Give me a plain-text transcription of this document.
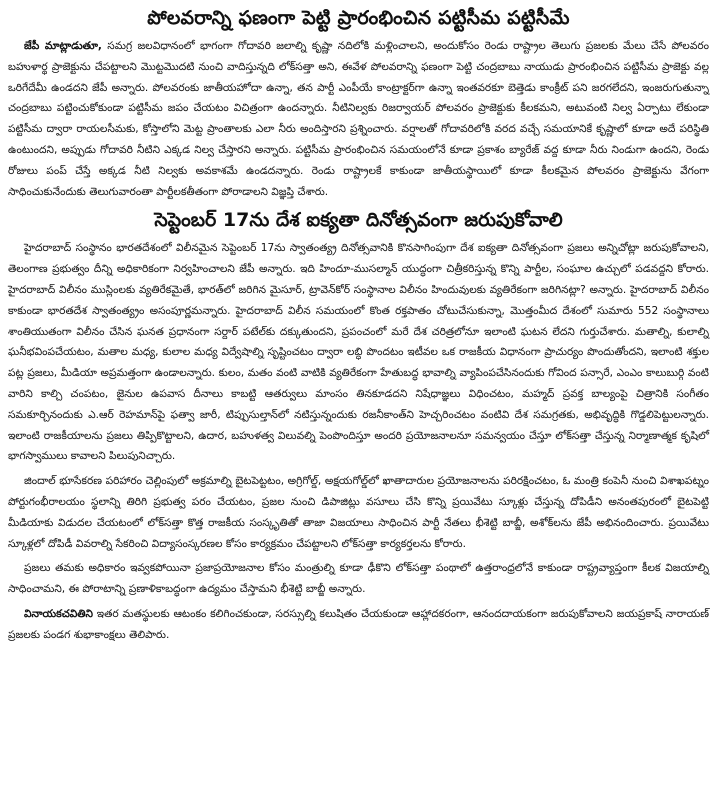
పోలవరాన్ని ఫణంగా పెట్టి ప్రారంభించిన పట్టిసీమ పట్టిసీమే

జేపీ మాట్లాడుతూ, సమగ్ర జలవిధానంలో భాగంగా గోదావరి జలాల్ని కృష్ణా నదిలోకి మళ్లించాలని, అందుకోసం రెండు రాష్ట్రాల తెలుగు ప్రజలకు మేలు చేసే పోలవరం బహుళార్థ ప్రాజెక్టును చేపట్టాలని మొట్టమొదటి నుంచి వాదిస్తున్నది లోక్‌సత్తా అని, ఈవేళ పోలవరాన్ని ఫణంగా పెట్టి చంద్రబాబు నాయుడు ప్రారంభించిన పట్టిసీమ ప్రాజెక్టు వల్ల ఒరిగేదేమీ ఉండదని జేపీ అన్నారు. పోలవరంకు జాతీయహోదా ఉన్నా, తన పార్టీ ఎంపీయే కాంట్రాక్టర్‌గా ఉన్నా ఇంతవరకూ బెత్తెడు కాంక్రీట్ పని జరగలేదని, ఇంజరుగుతున్నా చంద్రబాబు పట్టించుకోకుండా పట్టిసీమ జపం చేయటం విచిత్రంగా ఉందన్నారు. నీటినిల్వకు రిజర్వాయర్ పోలవరం ప్రాజెక్టుకు కీలకమని, అటువంటి నిల్వ ఏర్పాటు లేకుండా పట్టిసీమ ద్వారా రాయలసీమకు, కోస్తాలోని మెట్ట ప్రాంతాలకు ఎలా నీరు అందిస్తారని ప్రశ్నించారు. వర్షాలతో గోదావరిలోకి వరద వచ్చే సమయానికే కృష్ణాలో కూడా అదే పరిస్థితి ఉంటుందని, అప్పుడు గోదావరి నీటిని ఎక్కడ నిల్వ చేస్తారని అన్నారు. పట్టిసీమ ప్రారంభించిన సమయంలోనే కూడా ప్రకాశం బ్యారేజ్ వద్ద కూడా నీరు నిండుగా ఉందని, రెండు రోజులు పంప్ చేస్తే అక్కడ నీటి నిల్వకు అవకాశమే ఉండదన్నారు. రెండు రాష్ట్రాలకే కాకుండా జాతీయస్థాయిలో కూడా కీలకమైన పోలవరం ప్రాజెక్టును వేగంగా సాధించుకునేందుకు తెలుగువారంతా పార్టీలకతీతంగా పోరాడాలని విజ్ఞప్తి చేశారు.

సెప్టెంబర్ 17ను దేశ ఐక్యతా దినోత్సవంగా జరుపుకోవాలి

హైదరాబాద్ సంస్థానం భారతదేశంలో విలీనమైన సెప్టెంబర్ 17ను స్వాతంత్య్ర దినోత్సవానికి కొనసాగింపుగా దేశ ఐక్యతా దినోత్సవంగా ప్రజలు అన్నిచోట్లా జరుపుకోవాలని, తెలంగాణ ప్రభుత్వం దీన్ని అధికారికంగా నిర్వహించాలని జేపీ అన్నారు. ఇది హిందూ-ముసల్మాన్ యుద్ధంగా చిత్రీకరిస్తున్న కొన్ని పార్టీల, సంఘాల ఉచ్చులో పడవద్దని కోరారు. హైదరాబాద్ విలీనం ముస్లింలకు వ్యతిరేకమైతే, భారత్‌లో జరిగిన మైసూర్, ట్రావెన్‌కోర్ సంస్థానాల విలీనం హిందువులకు వ్యతిరేకంగా జరిగినట్లా? అన్నారు. హైదరాబాద్ విలీనం కాకుండా భారతదేశ స్వాతంత్య్రం అసంపూర్ణమన్నారు. హైదరాబాద్ విలీన సమయంలో కొంత రక్తపాతం చోటుచేసుకున్నా, మొత్తంమీద దేశంలో సుమారు 552 సంస్థానాలు శాంతియుతంగా విలీనం చేసిన ఘనత ప్రధానంగా సర్దార్ పటేల్‌కు దక్కుతుందని, ప్రపంచంలో మరే దేశ చరిత్రలోనూ ఇలాంటి ఘటన లేదని గుర్తుచేశారు. మతాల్ని, కులాల్ని ఘనీభవింపచేయటం, మతాల మధ్య, కులాల మధ్య విద్వేషాల్ని సృష్టించటం ద్వారా లబ్ధి పొందటం ఇటీవల ఒక రాజకీయ విధానంగా ప్రాచుర్యం పొందుతోందని, ఇలాంటి శక్తుల పట్ల ప్రజలు, మీడియా అప్రమత్తంగా ఉండాలన్నారు. కులం, మతం వంటి వాటికి వ్యతిరేకంగా హేతుబద్ధ భావాల్ని వ్యాపింపచేసినందుకు గోవింద పన్సారే, ఎంఎం కాలుబుర్గి వంటి వారిని కాల్చి చంపటం, జైనుల ఉపవాస దీనాలు కాబట్టి ఆతర్వులు మాంసం తినకూడదని నిషేధాజ్ఞలు విధించటం, మహ్మద్ ప్రవక్త బాల్యంపై చిత్రానికి సంగీతం సమకూర్చినందుకు ఎ.ఆర్ రెహమాన్‌పై ఫత్వా జారీ, టిప్పుసుల్తాన్‌లో నటిస్తున్నందుకు రజనీకాంత్‌ని హెచ్చరించటం వంటివి దేశ సమగ్రతకు, అభివృద్ధికి గొడ్డలిపెట్టులన్నారు. ఇలాంటి రాజకీయాలను ప్రజలు తిప్పికొట్టాలని, ఉదార, బహుళత్వ విలువల్ని పెంపొందిస్తూ అందరి ప్రయోజనాలనూ సమన్వయం చేస్తూ లోక్‌సత్తా చేస్తున్న నిర్మాణాత్మక కృషిలో భాగస్వాములు కావాలని పిలుపునిచ్చారు.

జిందాల్ భూసేకరణ పరిహారం చెల్లింపులో అక్రమాల్ని బైటపెట్టటం, అగ్రిగోల్డ్, అక్షయగోల్డ్‌లో ఖాతాదారుల ప్రయోజనాలను పరిరక్షించటం, ఓ మంత్రి కంపెనీ నుంచి విశాఖపట్నం పోర్టుగంభీరాలయం స్థలాన్ని తిరిగి ప్రభుత్వ పరం చేయటం, ప్రజల నుంచి డిపాజిట్లు వసూలు చేసి కొన్ని ప్రయివేటు స్కూళ్లు చేస్తున్న దోపిడీని అనంతపురంలో బైటపెట్టి మీడియాకు విడుదల చేయటంలో లోక్‌సత్తా కొత్త రాజకీయ సంస్కృతితో తాజా విజయాలు సాధించిన పార్టీ నేతలు భీశెట్టి బాబ్జీ, అశోక్‌లను జేపీ అభినందించారు. ప్రయివేటు స్కూళ్లలో దోపిడీ వివరాల్ని సేకరించి విద్యాసంస్కరణల కోసం కార్యక్రమం చేపట్టాలని లోక్‌సత్తా కార్యకర్తలను కోరారు.

ప్రజలు తమకు అధికారం ఇవ్వకపోయినా ప్రజాప్రయోజనాల కోసం మంత్రుల్ని కూడా ఢీకొని లోక్‌సత్తా పంథాలో ఉత్తరాంధ్రలోనే కాకుండా రాష్ట్రవ్యాప్తంగా కీలక విజయాల్ని సాధించామని, ఈ పోరాటాన్ని ప్రణాళికాబద్ధంగా ఉద్యమం చేస్తామని భీశెట్టి బాబ్జీ అన్నారు.

వినాయకచవితిని ఇతర మతస్థులకు ఆటంకం కలిగించకుండా, సరస్సుల్ని కలుషితం చేయకుండా ఆహ్లాదకరంగా, ఆనందదాయకంగా జరుపుకోవాలని జయప్రకాష్ నారాయణ్ ప్రజలకు పండగ శుభాకాంక్షలు తెలిపారు.
